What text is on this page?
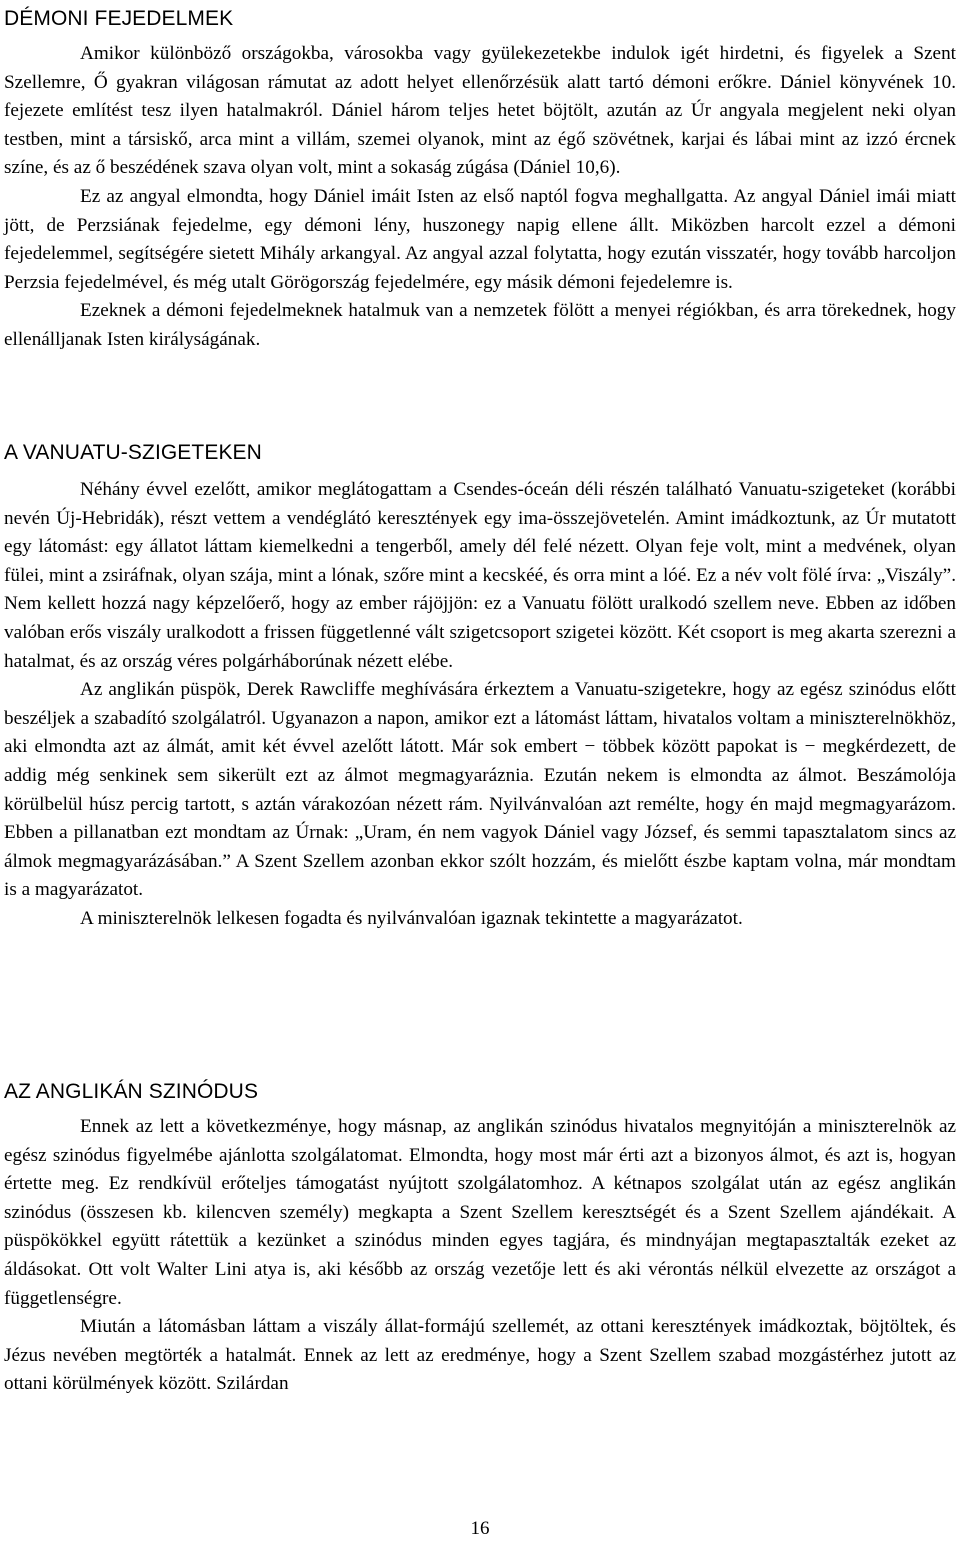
DÉMONI FEJEDELMEK

Amikor különböző országokba, városokba vagy gyülekezetekbe indulok igét hirdetni, és figyelek a Szent Szellemre, Ő gyakran világosan rámutat az adott helyet ellenőrzésük alatt tartó démoni erőkre. Dániel könyvének 10. fejezete említést tesz ilyen hatalmakról. Dániel három teljes hetet böjtölt, azután az Úr angyala megjelent neki olyan testben, mint a társiskő, arca mint a villám, szemei olyanok, mint az égő szövétnek, karjai és lábai mint az izzó ércnek színe, és az ő beszédének szava olyan volt, mint a sokaság zúgása (Dániel 10,6).

Ez az angyal elmondta, hogy Dániel imáit Isten az első naptól fogva meghallgatta. Az angyal Dániel imái miatt jött, de Perzsiának fejedelme, egy démoni lény, huszonegy napig ellene állt. Miközben harcolt ezzel a démoni fejedelemmel, segítségére sietett Mihály arkangyal. Az angyal azzal folytatta, hogy ezután visszatér, hogy tovább harcoljon Perzsia fejedelmével, és még utalt Görögország fejedelmére, egy másik démoni fejedelemre is.

Ezeknek a démoni fejedelmeknek hatalmuk van a nemzetek fölött a menyei régiókban, és arra törekednek, hogy ellenálljanak Isten királyságának.

A VANUATU-SZIGETEKEN

Néhány évvel ezelőtt, amikor meglátogattam a Csendes-óceán déli részén található Vanuatu-szigeteket (korábbi nevén Új-Hebridák), részt vettem a vendéglátó keresztények egy ima-összejövetelén. Amint imádkoztunk, az Úr mutatott egy látomást: egy állatot láttam kiemelkedni a tengerből, amely dél felé nézett. Olyan feje volt, mint a medvének, olyan fülei, mint a zsiráfnak, olyan szája, mint a lónak, szőre mint a kecskéé, és orra mint a lóé. Ez a név volt fölé írva: „Viszály”. Nem kellett hozzá nagy képzelőerő, hogy az ember rájöjjön: ez a Vanuatu fölött uralkodó szellem neve. Ebben az időben valóban erős viszály uralkodott a frissen függetlenné vált szigetcsoport szigetei között. Két csoport is meg akarta szerezni a hatalmat, és az ország véres polgárháborúnak nézett elébe.

Az anglikán püspök, Derek Rawcliffe meghívására érkeztem a Vanuatu-szigetekre, hogy az egész szinódus előtt beszéljek a szabadító szolgálatról. Ugyanazon a napon, amikor ezt a látomást láttam, hivatalos voltam a miniszterelnökhöz, aki elmondta azt az álmát, amit két évvel azelőtt látott. Már sok embert − többek között papokat is − megkérdezett, de addig még senkinek sem sikerült ezt az álmot megmagyaráznia. Ezután nekem is elmondta az álmot. Beszámolója körülbelül húsz percig tartott, s aztán várakozóan nézett rám. Nyilvánvalóan azt remélte, hogy én majd megmagyarázom. Ebben a pillanatban ezt mondtam az Úrnak: „Uram, én nem vagyok Dániel vagy József, és semmi tapasztalatom sincs az álmok megmagyarázásában.” A Szent Szellem azonban ekkor szólt hozzám, és mielőtt észbe kaptam volna, már mondtam is a magyarázatot.

A miniszterelnök lelkesen fogadta és nyilvánvalóan igaznak tekintette a magyarázatot.

AZ ANGLIKÁN SZINÓDUS

Ennek az lett a következménye, hogy másnap, az anglikán szinódus hivatalos megnyitóján a miniszterelnök az egész szinódus figyelmébe ajánlotta szolgálatomat. Elmondta, hogy most már érti azt a bizonyos álmot, és azt is, hogyan értette meg. Ez rendkívül erőteljes támogatást nyújtott szolgálatomhoz. A kétnapos szolgálat után az egész anglikán szinódus (összesen kb. kilencven személy) megkapta a Szent Szellem keresztségét és a Szent Szellem ajándékait. A püspökökkel együtt rátettük a kezünket a szinódus minden egyes tagjára, és mindnyájan megtapasztalták ezeket az áldásokat. Ott volt Walter Lini atya is, aki később az ország vezetője lett és aki vérontás nélkül elvezette az országot a függetlenségre.

Miután a látomásban láttam a viszály állat-formájú szellemét, az ottani keresztények imádkoztak, böjtöltek, és Jézus nevében megtörték a hatalmát. Ennek az lett az eredménye, hogy a Szent Szellem szabad mozgástérhez jutott az ottani körülmények között. Szilárdan

16
